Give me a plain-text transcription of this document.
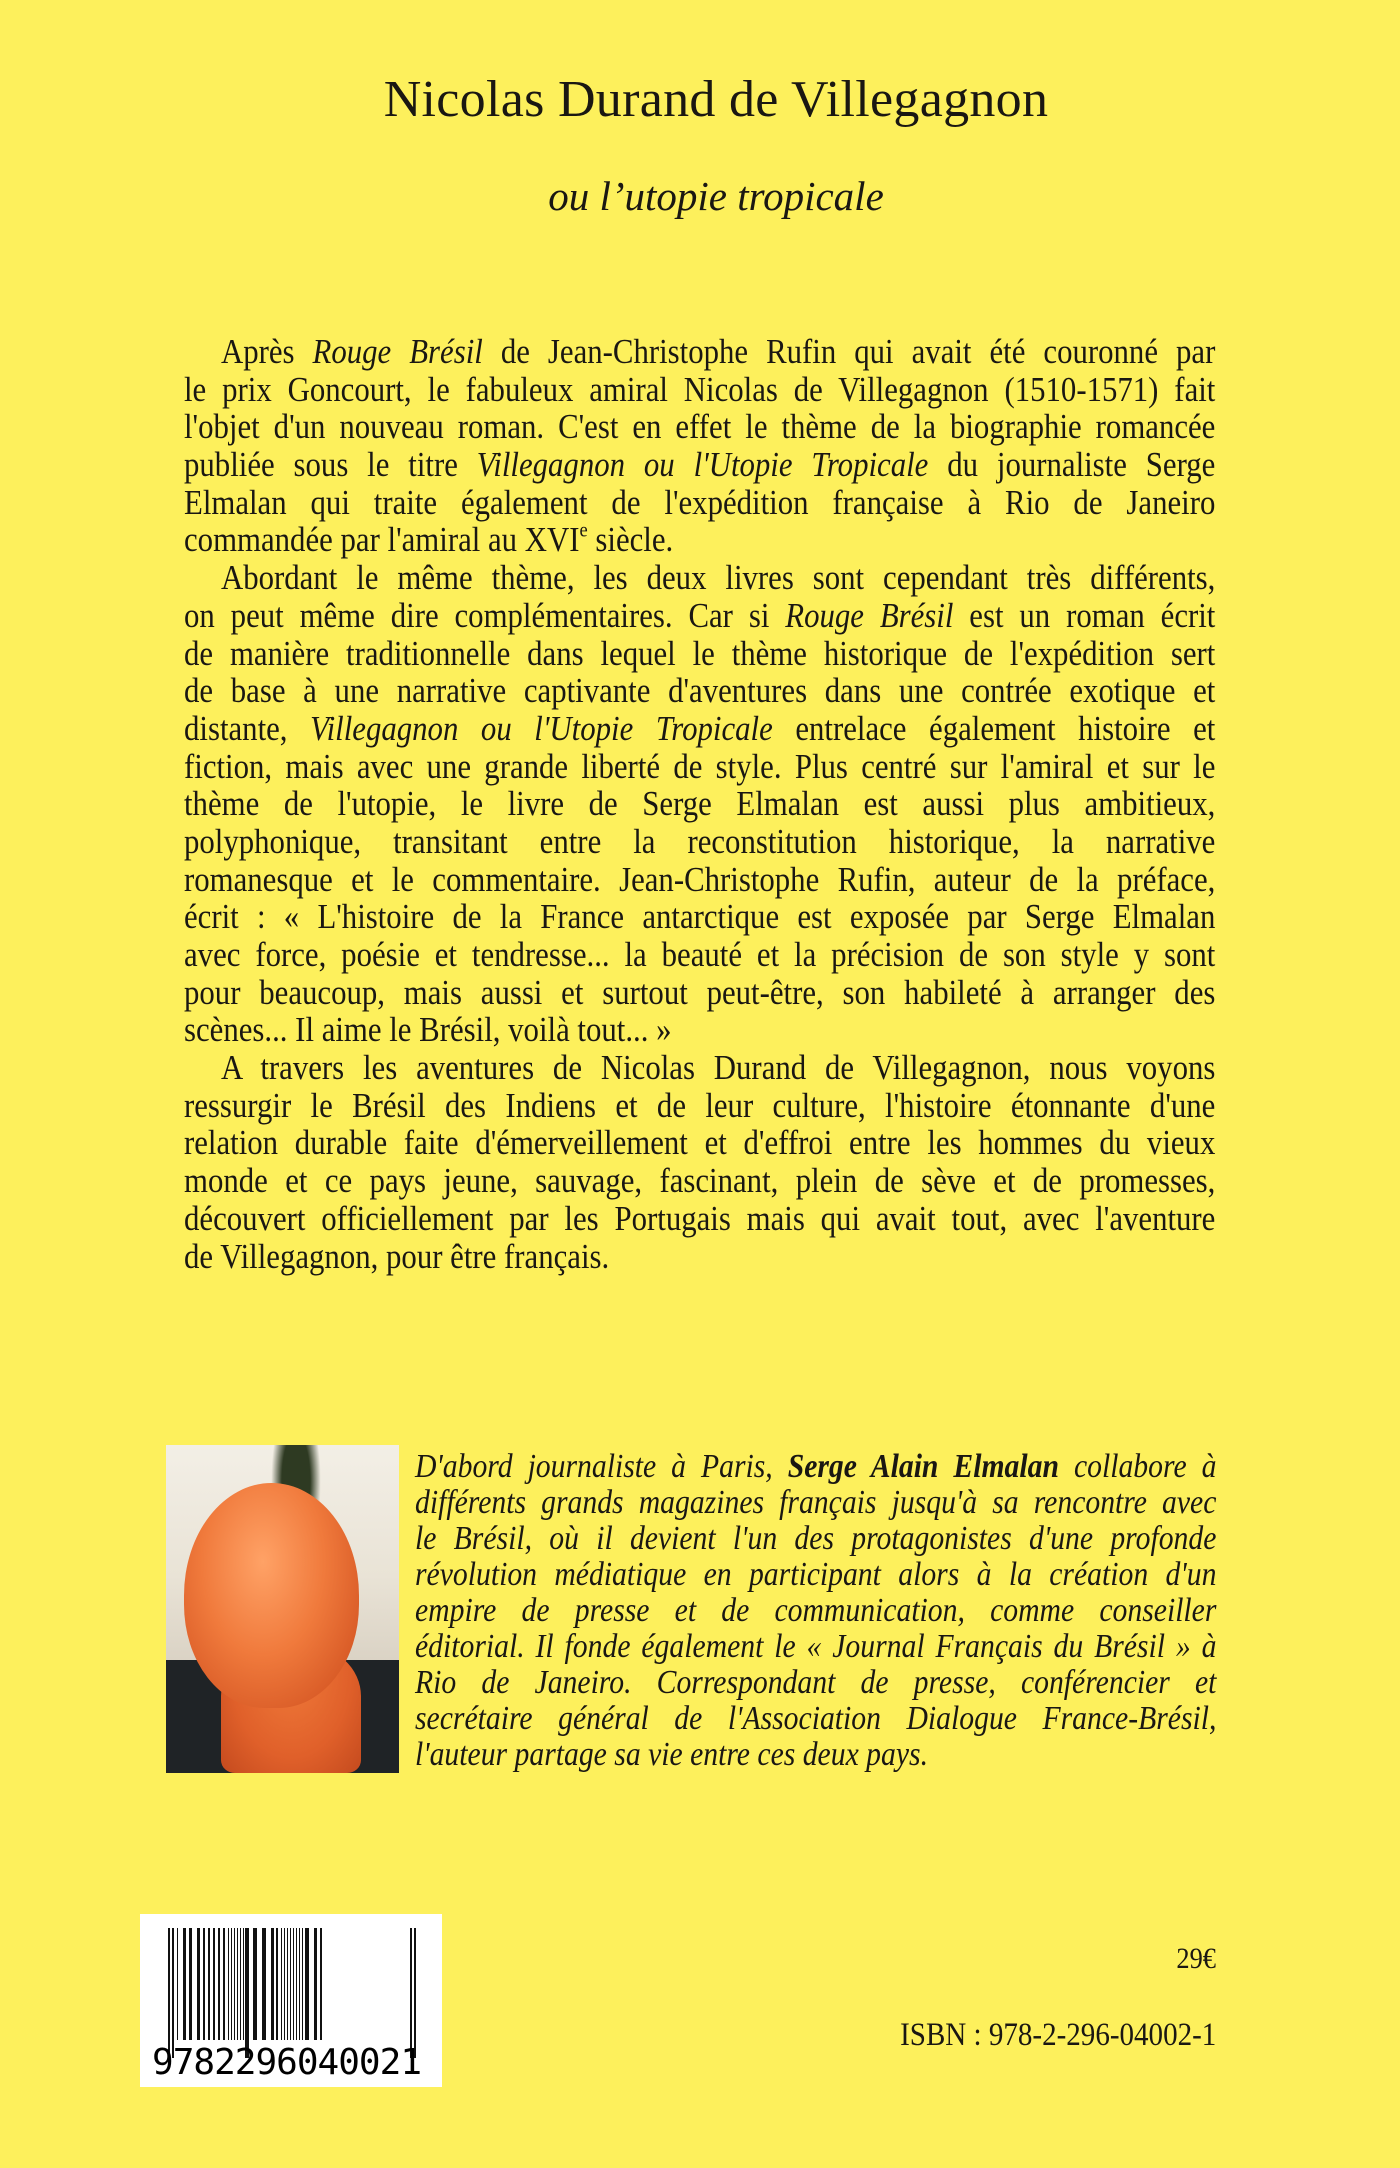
Nicolas Durand de Villegagnon
ou l’utopie tropicale
Après Rouge Brésil de Jean-Christophe Rufin qui avait été couronné par
le prix Goncourt, le fabuleux amiral Nicolas de Villegagnon (1510-1571) fait
l'objet d'un nouveau roman. C'est en effet le thème de la biographie romancée
publiée sous le titre Villegagnon ou l'Utopie Tropicale du journaliste Serge
Elmalan qui traite également de l'expédition française à Rio de Janeiro
commandée par l'amiral au XVIe siècle.
Abordant le même thème, les deux livres sont cependant très différents,
on peut même dire complémentaires. Car si Rouge Brésil est un roman écrit
de manière traditionnelle dans lequel le thème historique de l'expédition sert
de base à une narrative captivante d'aventures dans une contrée exotique et
distante, Villegagnon ou l'Utopie Tropicale entrelace également histoire et
fiction, mais avec une grande liberté de style. Plus centré sur l'amiral et sur le
thème de l'utopie, le livre de Serge Elmalan est aussi plus ambitieux,
polyphonique, transitant entre la reconstitution historique, la narrative
romanesque et le commentaire. Jean-Christophe Rufin, auteur de la préface,
écrit : « L'histoire de la France antarctique est exposée par Serge Elmalan
avec force, poésie et tendresse... la beauté et la précision de son style y sont
pour beaucoup, mais aussi et surtout peut-être, son habileté à arranger des
scènes... Il aime le Brésil, voilà tout... »
A travers les aventures de Nicolas Durand de Villegagnon, nous voyons
ressurgir le Brésil des Indiens et de leur culture, l'histoire étonnante d'une
relation durable faite d'émerveillement et d'effroi entre les hommes du vieux
monde et ce pays jeune, sauvage, fascinant, plein de sève et de promesses,
découvert officiellement par les Portugais mais qui avait tout, avec l'aventure
de Villegagnon, pour être français.
D'abord journaliste à Paris, Serge Alain Elmalan collabore à
différents grands magazines français jusqu'à sa rencontre avec
le Brésil, où il devient l'un des protagonistes d'une profonde
révolution médiatique en participant alors à la création d'un
empire de presse et de communication, comme conseiller
éditorial. Il fonde également le « Journal Français du Brésil » à
Rio de Janeiro. Correspondant de presse, conférencier et
secrétaire général de l'Association Dialogue France-Brésil,
l'auteur partage sa vie entre ces deux pays.
9782296040021
29€
ISBN : 978-2-296-04002-1
